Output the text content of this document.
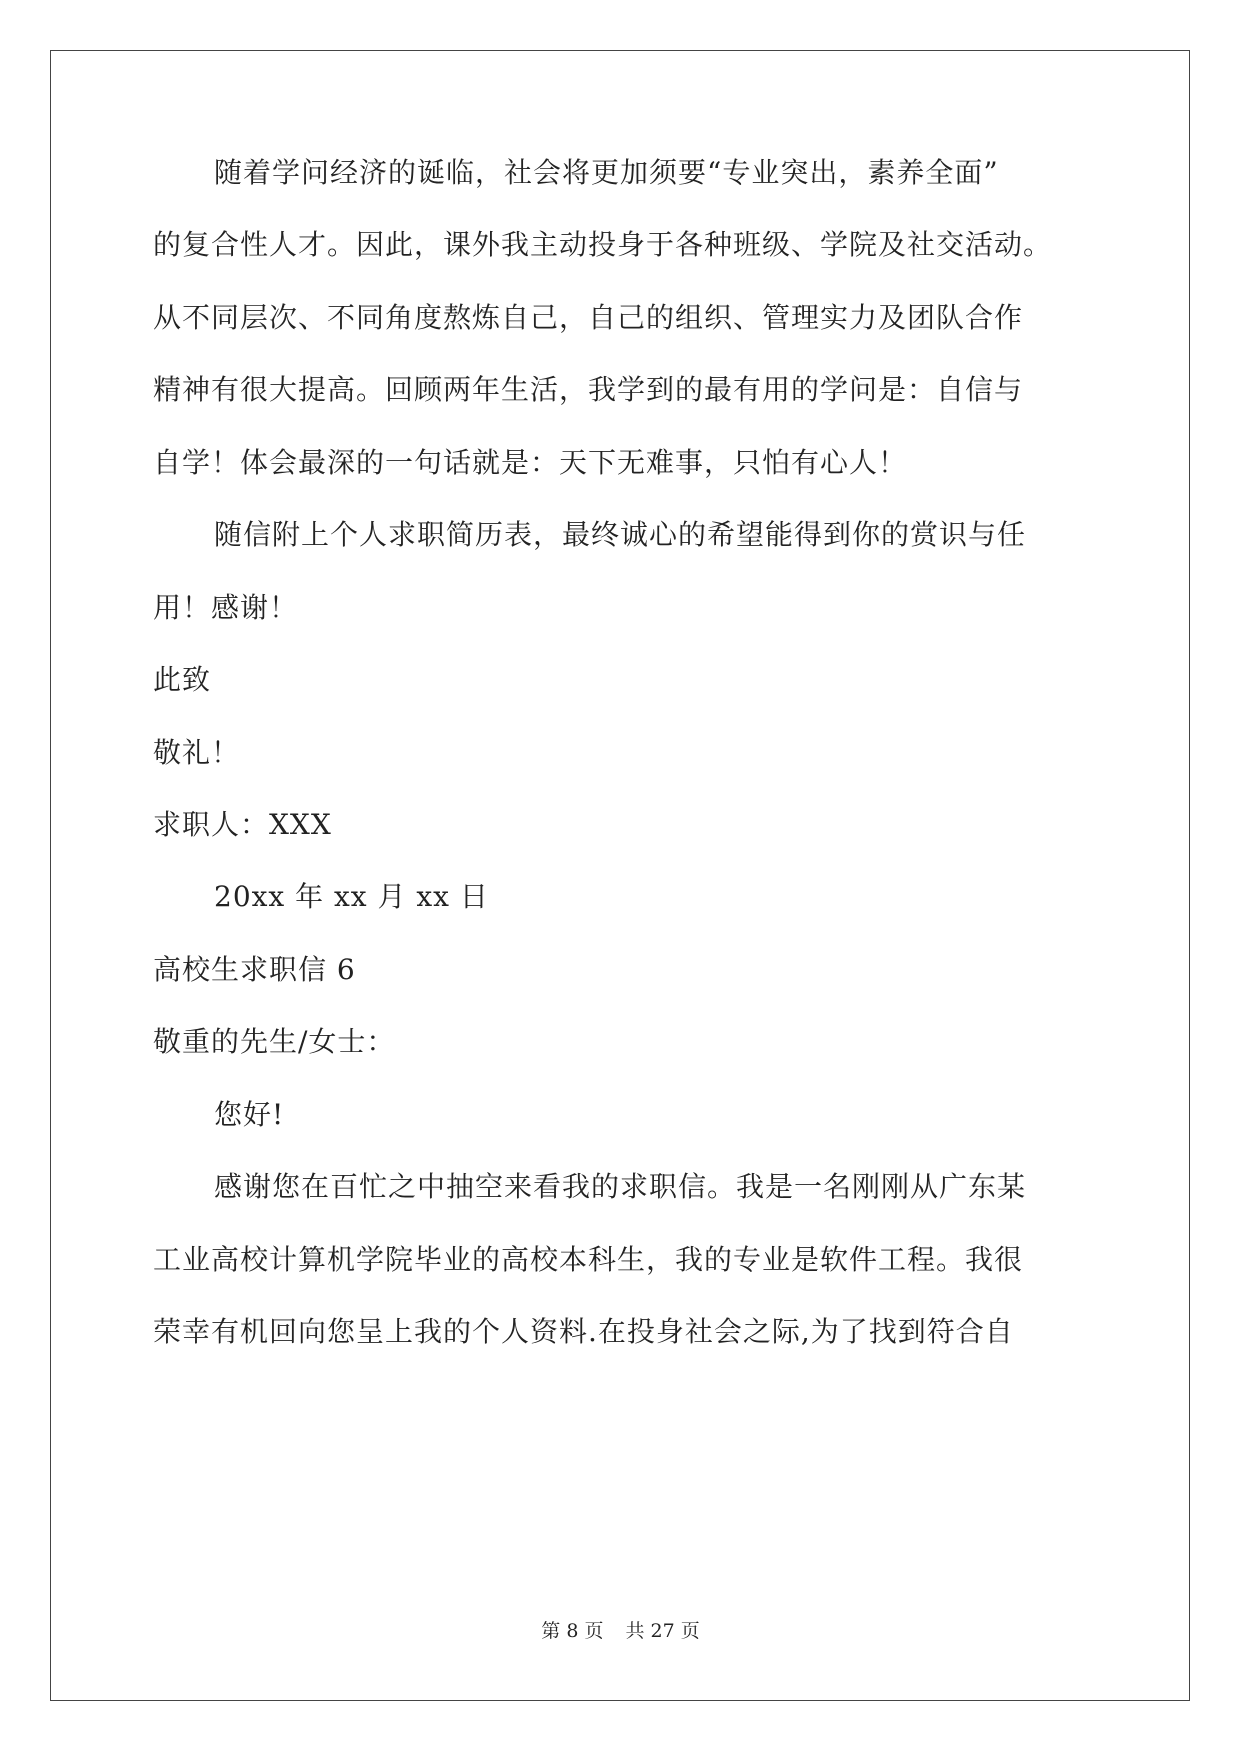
随着学问经济的诞临，社会将更加须要“专业突出，素养全面”
的复合性人才。因此，课外我主动投身于各种班级、学院及社交活动。
从不同层次、不同角度熬炼自己，自己的组织、管理实力及团队合作
精神有很大提高。回顾两年生活，我学到的最有用的学问是：自信与
自学！体会最深的一句话就是：天下无难事，只怕有心人！
随信附上个人求职简历表，最终诚心的希望能得到你的赏识与任
用！感谢！
此致
敬礼！
求职人：XXX
20xx 年 xx 月 xx 日
高校生求职信 6
敬重的先生/女士：
您好!
感谢您在百忙之中抽空来看我的求职信。我是一名刚刚从广东某
工业高校计算机学院毕业的高校本科生，我的专业是软件工程。我很
荣幸有机回向您呈上我的个人资料.在投身社会之际,为了找到符合自
第 8 页 共 27 页
